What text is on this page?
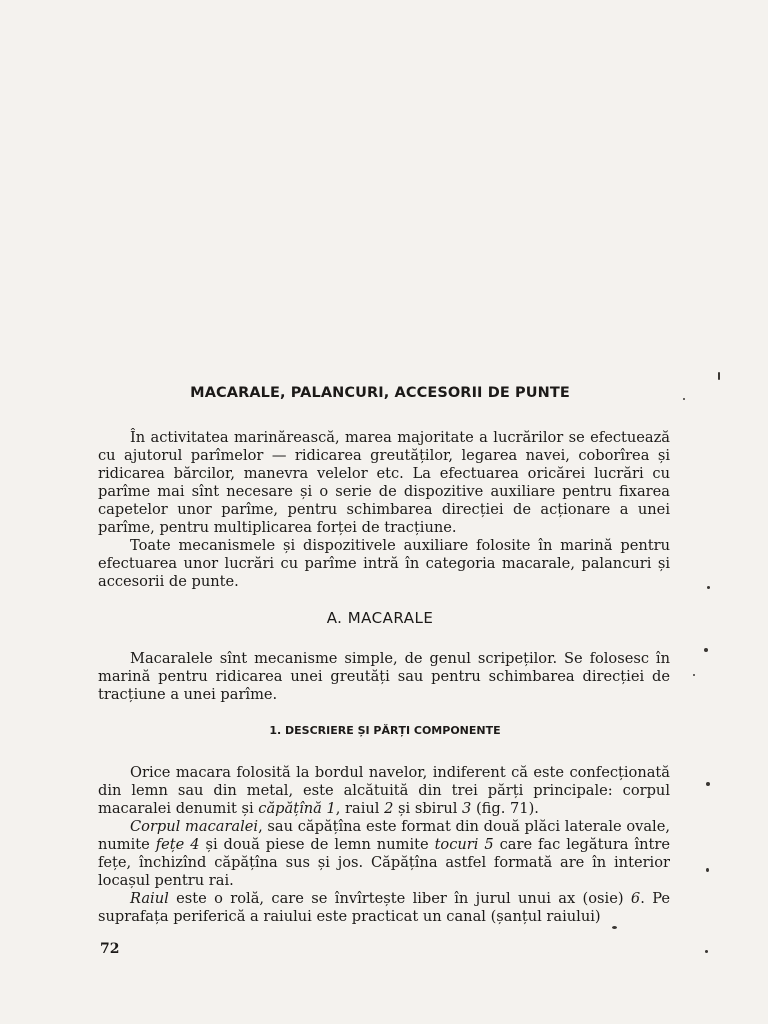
MACARALE, PALANCURI, ACCESORII DE PUNTE

În activitatea marinărească, marea majoritate a lucrărilor se efectuează cu ajutorul parîmelor — ridicarea greutăților, legarea navei, coborîrea și ridicarea bărcilor, manevra velelor etc. La efectuarea oricărei lucrări cu parîme mai sînt necesare și o serie de dispozitive auxiliare pentru fixarea capetelor unor parîme, pentru schimbarea direcției de acționare a unei parîme, pentru multiplicarea forței de tracțiune.

Toate mecanismele și dispozitivele auxiliare folosite în marină pentru efectuarea unor lucrări cu parîme intră în categoria macarale, palancuri și accesorii de punte.

A. MACARALE

Macaralele sînt mecanisme simple, de genul scripeților. Se folosesc în marină pentru ridicarea unei greutăți sau pentru schimbarea direcției de tracțiune a unei parîme.

1. DESCRIERE ȘI PĂRȚI COMPONENTE

Orice macara folosită la bordul navelor, indiferent că este confecționată din lemn sau din metal, este alcătuită din trei părți principale: corpul macaralei denumit și căpățînă 1, raiul 2 și sbirul 3 (fig. 71).

Corpul macaralei, sau căpățîna este format din două plăci laterale ovale, numite fețe 4 și două piese de lemn numite tocuri 5 care fac legătura între fețe, închizînd căpățîna sus și jos. Căpățîna astfel formată are în interior locașul pentru rai.

Raiul este o rolă, care se învîrtește liber în jurul unui ax (osie) 6. Pe suprafața periferică a raiului este practicat un canal (șanțul raiului)

72
